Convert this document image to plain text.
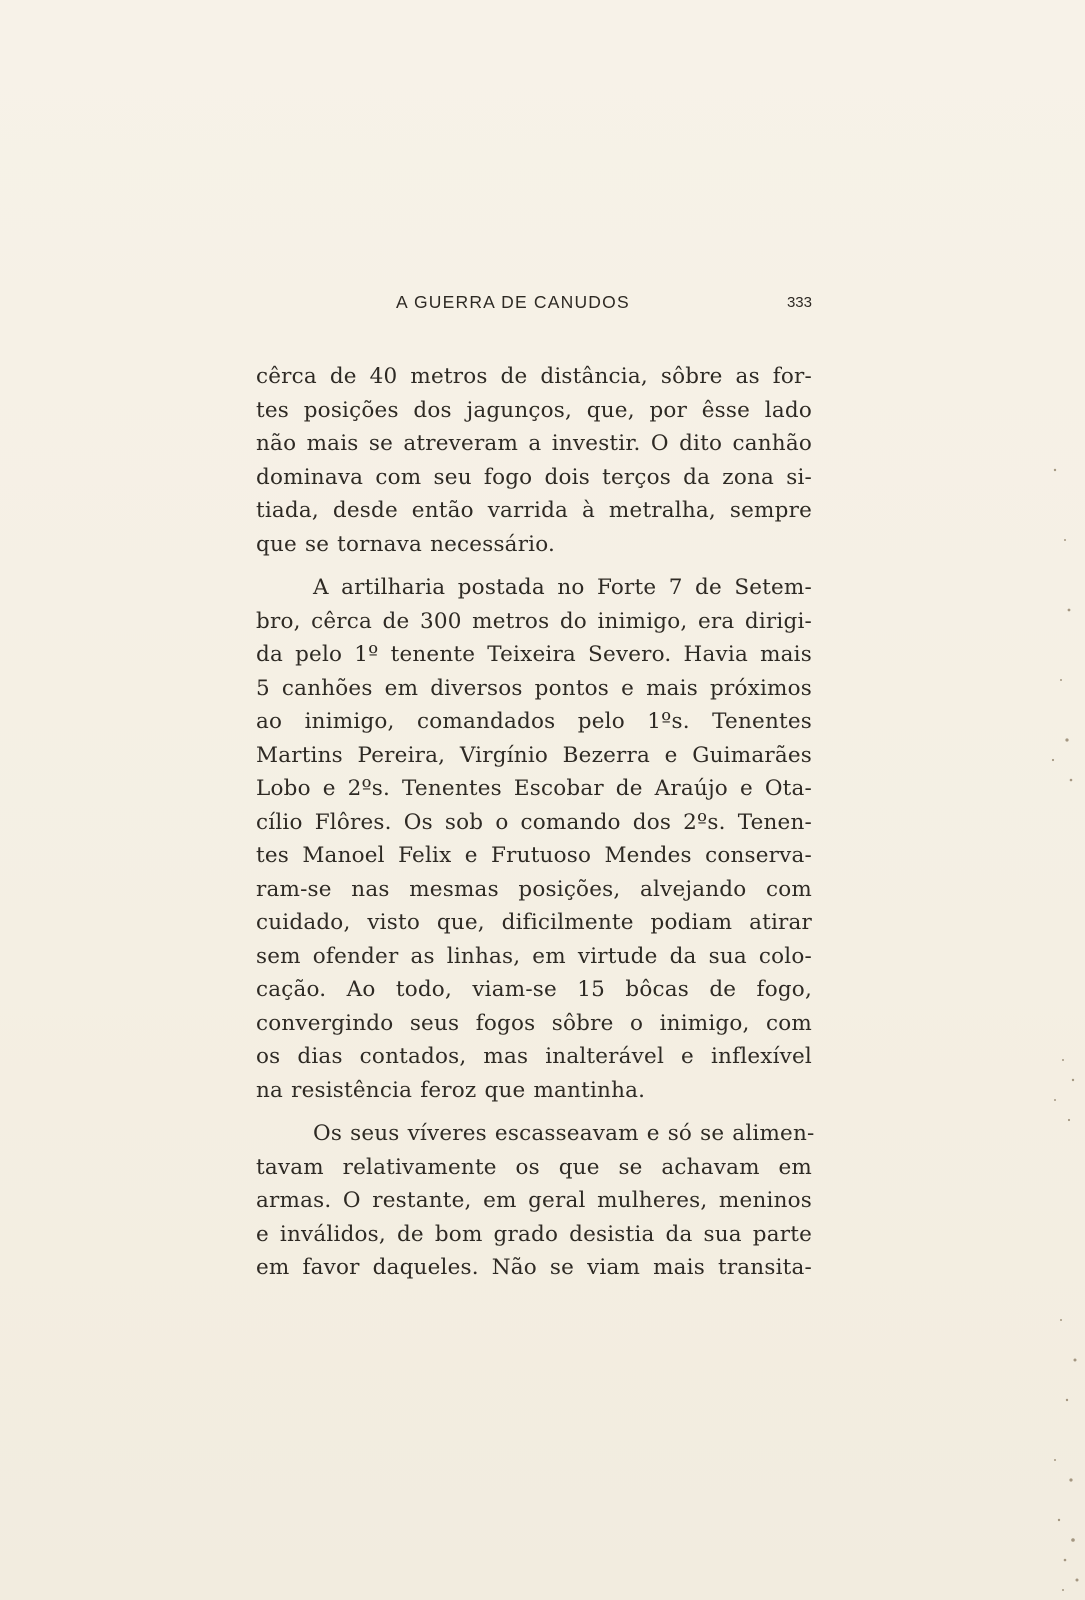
A GUERRA DE CANUDOS	333

cêrca de 40 metros de distância, sôbre as for-
tes posições dos jagunços, que, por êsse lado
não mais se atreveram a investir. O dito canhão
dominava com seu fogo dois terços da zona si-
tiada, desde então varrida à metralha, sempre
que se tornava necessário.

A artilharia postada no Forte 7 de Setem-
bro, cêrca de 300 metros do inimigo, era dirigi-
da pelo 1º tenente Teixeira Severo. Havia mais
5 canhões em diversos pontos e mais próximos
ao inimigo, comandados pelo 1ºs. Tenentes
Martins Pereira, Virgínio Bezerra e Guimarães
Lobo e 2ºs. Tenentes Escobar de Araújo e Ota-
cílio Flôres. Os sob o comando dos 2ºs. Tenen-
tes Manoel Felix e Frutuoso Mendes conserva-
ram-se nas mesmas posições, alvejando com
cuidado, visto que, dificilmente podiam atirar
sem ofender as linhas, em virtude da sua colo-
cação. Ao todo, viam-se 15 bôcas de fogo,
convergindo seus fogos sôbre o inimigo, com
os dias contados, mas inalterável e inflexível
na resistência feroz que mantinha.

Os seus víveres escasseavam e só se alimen-
tavam relativamente os que se achavam em
armas. O restante, em geral mulheres, meninos
e inválidos, de bom grado desistia da sua parte
em favor daqueles. Não se viam mais transita-
